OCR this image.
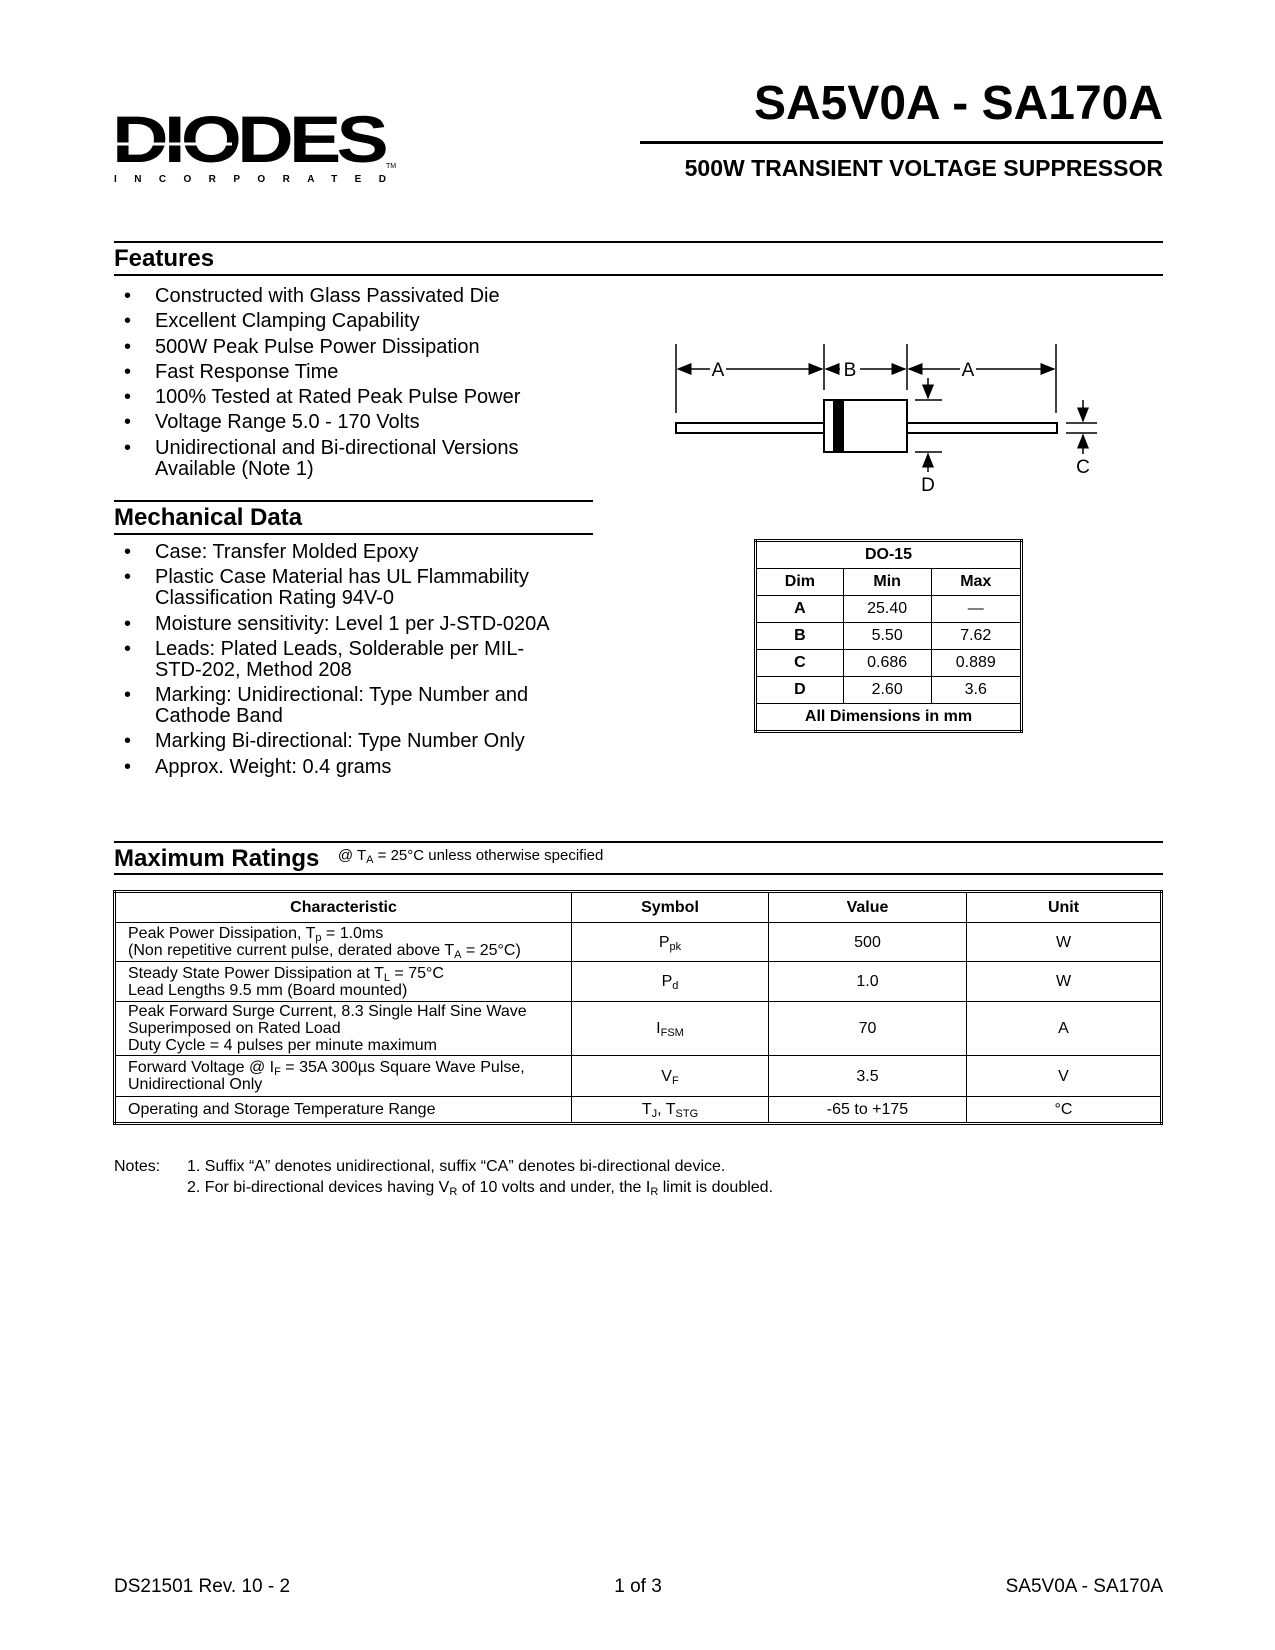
DIODES TM
INCORPORATED
SA5V0A - SA170A
500W TRANSIENT VOLTAGE SUPPRESSOR
Features
• Constructed with Glass Passivated Die
• Excellent Clamping Capability
• 500W Peak Pulse Power Dissipation
• Fast Response Time
• 100% Tested at Rated Peak Pulse Power
• Voltage Range 5.0 - 170 Volts
• Unidirectional and Bi-directional Versions Available (Note 1)
Mechanical Data
• Case: Transfer Molded Epoxy
• Plastic Case Material has UL Flammability Classification Rating 94V-0
• Moisture sensitivity: Level 1 per J-STD-020A
• Leads: Plated Leads, Solderable per MIL-STD-202, Method 208
• Marking: Unidirectional: Type Number and Cathode Band
• Marking Bi-directional: Type Number Only
• Approx. Weight: 0.4 grams
A	B	A
C
D
DO-15		
Dim	Min	Max
A	25.40	—
B	5.50	7.62
C	0.686	0.889
D	2.60	3.6
All Dimensions in mm		
Maximum Ratings @ $T_A = 25^\circ C$ unless otherwise specified
Characteristic	Symbol	Value	Unit

Peak Power Dissipation, $T_p = 1.0ms$
(Non repetitive current pulse, derated above $T_A = 25^\circ C$)	$P_{pk}$	500	W

Steady State Power Dissipation at $T_L = 75^\circ C$
Lead Lengths 9.5 mm (Board mounted)	$P_d$	1.0	W

Peak Forward Surge Current, 8.3 Single Half Sine Wave
Superimposed on Rated Load
Duty Cycle = 4 pulses per minute maximum	$I_{FSM}$	70	A

Forward Voltage @ $I_F = 35A$ 300µs Square Wave Pulse,
Unidirectional Only	$V_F$	3.5	V

Operating and Storage Temperature Range	$T_J$, $T_{STG}$	-65 to +175	°C
Notes: 1. Suffix “A” denotes unidirectional, suffix “CA” denotes bi-directional device.
2. For bi-directional devices having $V_R$ of 10 volts and under, the $I_R$ limit is doubled.
DS21501 Rev. 10 - 2	1 of 3	SA5V0A - SA170A
